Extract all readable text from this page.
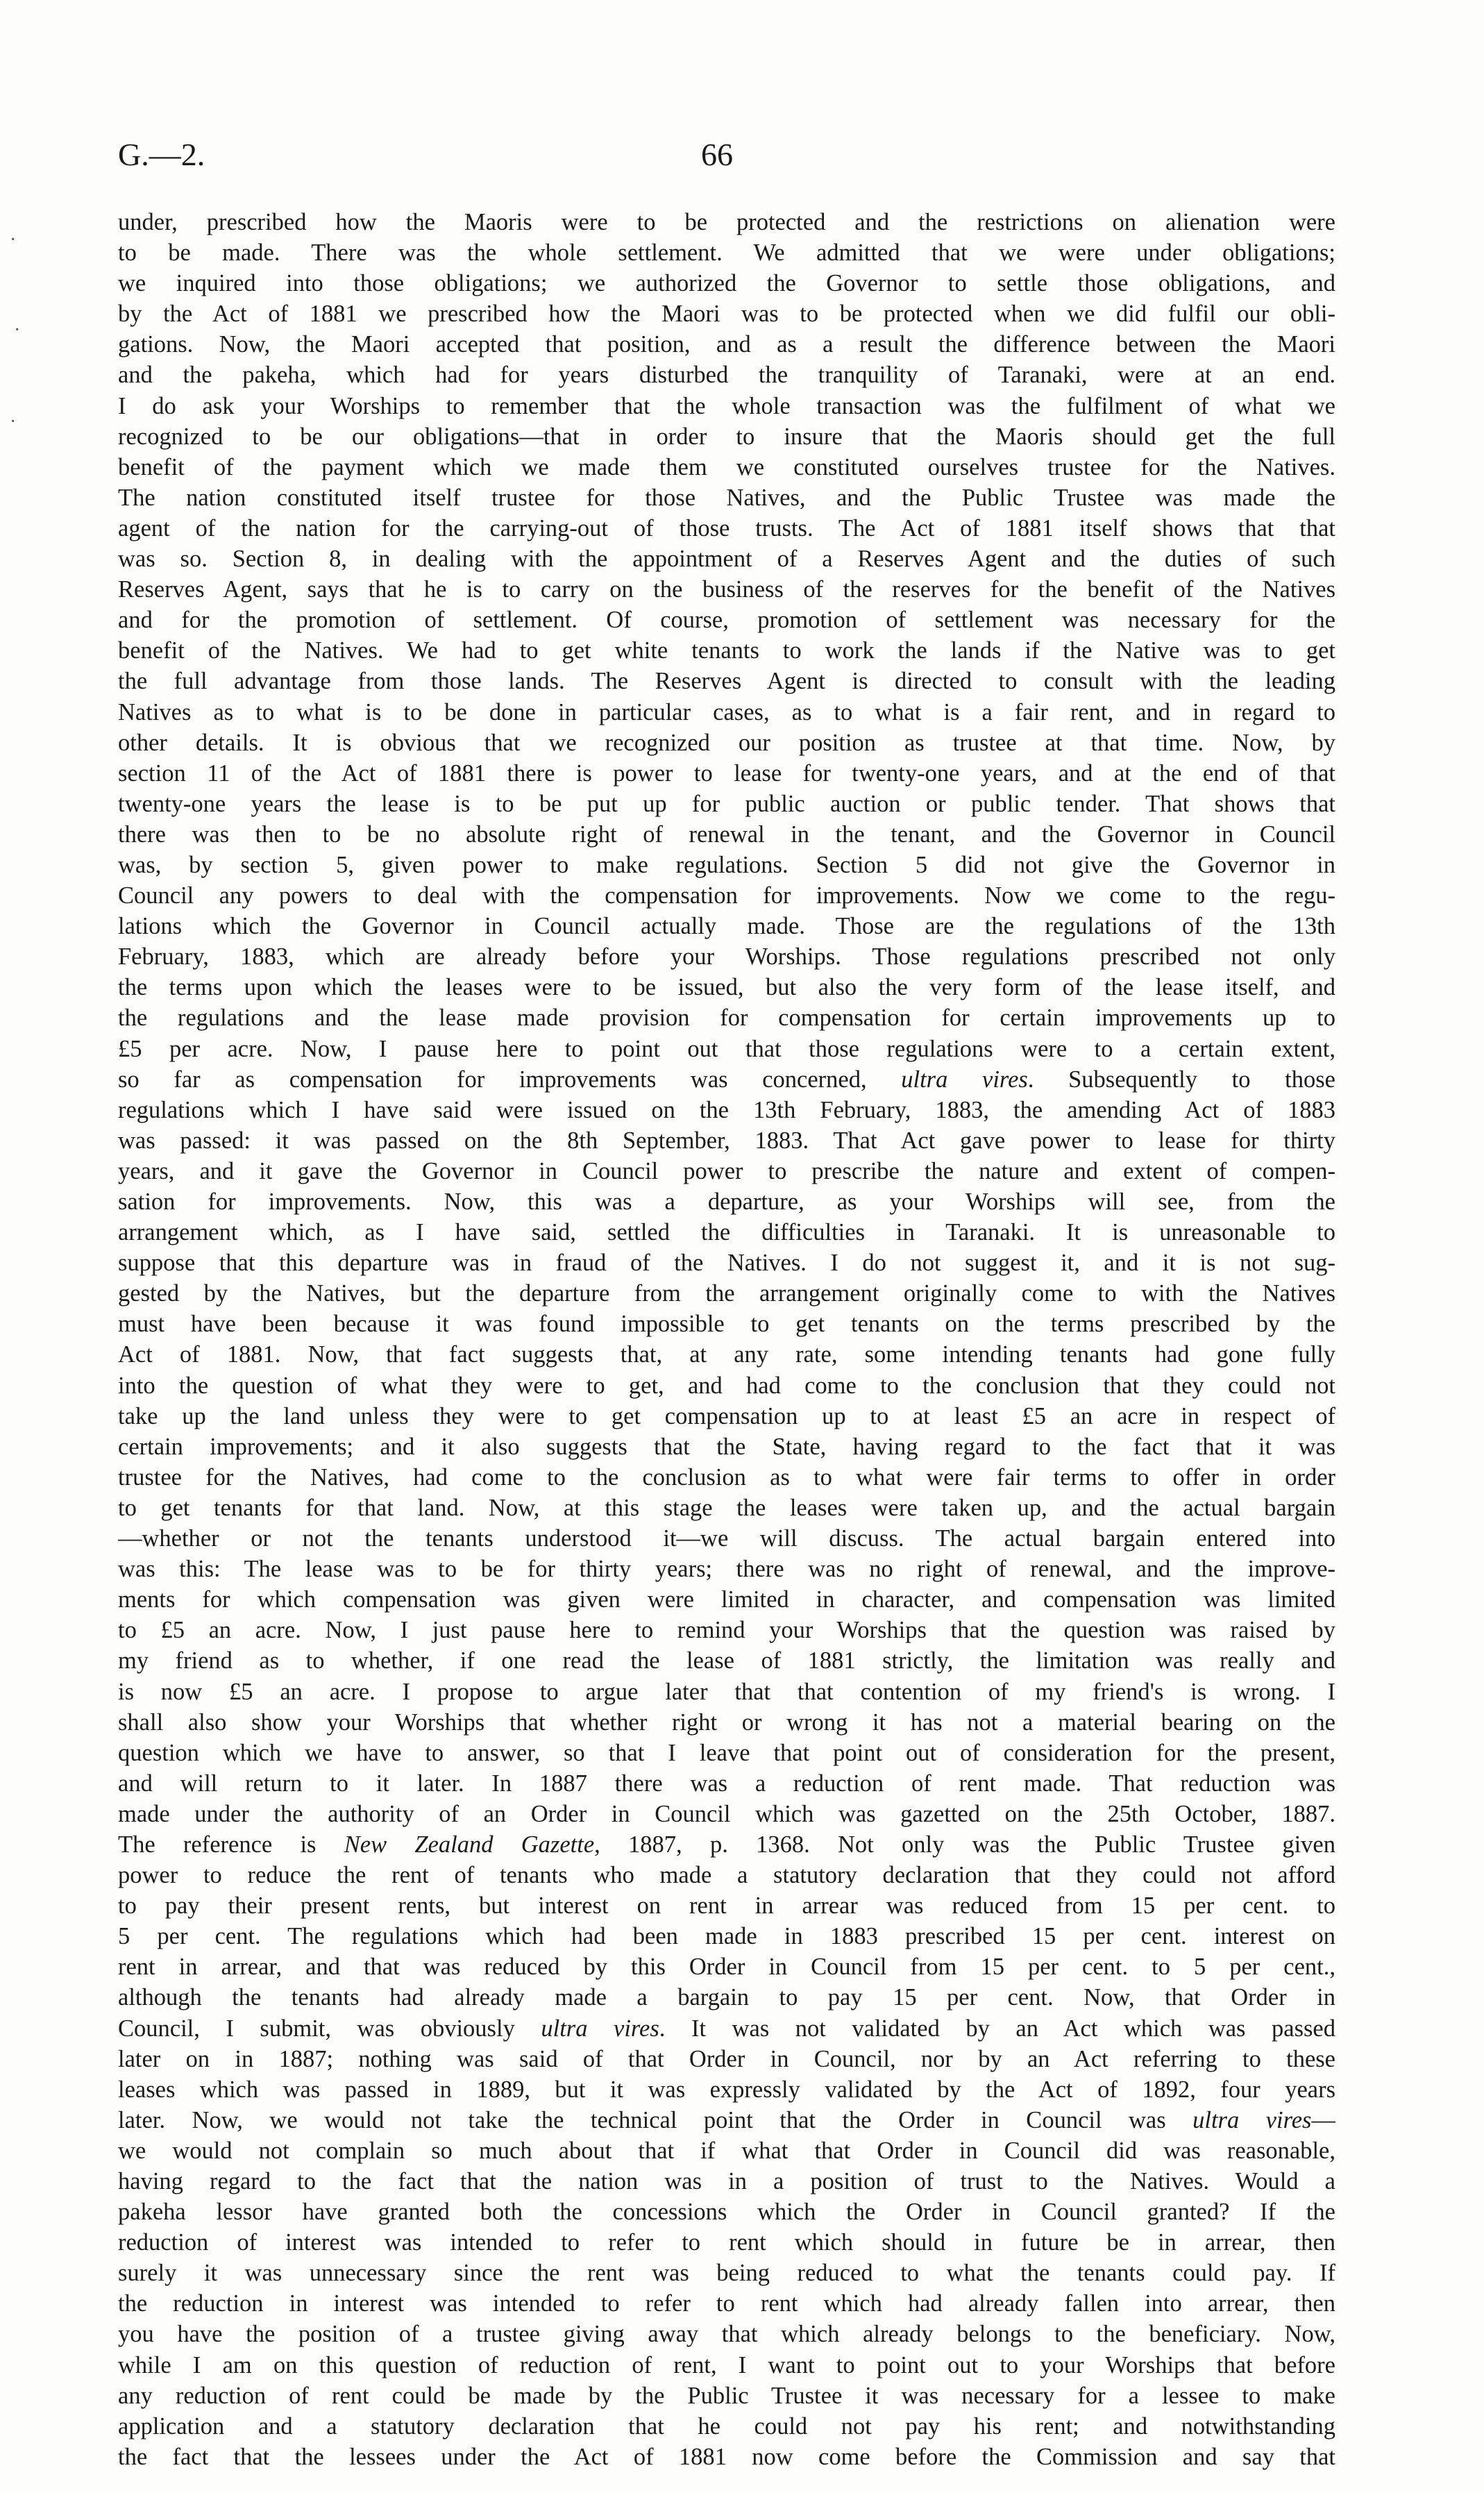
G.—2.	66
under, prescribed how the Maoris were to be protected and the restrictions on alienation were
to be made. There was the whole settlement. We admitted that we were under obligations;
we inquired into those obligations; we authorized the Governor to settle those obligations, and
by the Act of 1881 we prescribed how the Maori was to be protected when we did fulfil our obli-
gations. Now, the Maori accepted that position, and as a result the difference between the Maori
and the pakeha, which had for years disturbed the tranquility of Taranaki, were at an end.
I do ask your Worships to remember that the whole transaction was the fulfilment of what we
recognized to be our obligations—that in order to insure that the Maoris should get the full
benefit of the payment which we made them we constituted ourselves trustee for the Natives.
The nation constituted itself trustee for those Natives, and the Public Trustee was made the
agent of the nation for the carrying-out of those trusts. The Act of 1881 itself shows that that
was so. Section 8, in dealing with the appointment of a Reserves Agent and the duties of such
Reserves Agent, says that he is to carry on the business of the reserves for the benefit of the Natives
and for the promotion of settlement. Of course, promotion of settlement was necessary for the
benefit of the Natives. We had to get white tenants to work the lands if the Native was to get
the full advantage from those lands. The Reserves Agent is directed to consult with the leading
Natives as to what is to be done in particular cases, as to what is a fair rent, and in regard to
other details. It is obvious that we recognized our position as trustee at that time. Now, by
section 11 of the Act of 1881 there is power to lease for twenty-one years, and at the end of that
twenty-one years the lease is to be put up for public auction or public tender. That shows that
there was then to be no absolute right of renewal in the tenant, and the Governor in Council
was, by section 5, given power to make regulations. Section 5 did not give the Governor in
Council any powers to deal with the compensation for improvements. Now we come to the regu-
lations which the Governor in Council actually made. Those are the regulations of the 13th
February, 1883, which are already before your Worships. Those regulations prescribed not only
the terms upon which the leases were to be issued, but also the very form of the lease itself, and
the regulations and the lease made provision for compensation for certain improvements up to
£5 per acre. Now, I pause here to point out that those regulations were to a certain extent,
so far as compensation for improvements was concerned, ultra vires. Subsequently to those
regulations which I have said were issued on the 13th February, 1883, the amending Act of 1883
was passed: it was passed on the 8th September, 1883. That Act gave power to lease for thirty
years, and it gave the Governor in Council power to prescribe the nature and extent of compen-
sation for improvements. Now, this was a departure, as your Worships will see, from the
arrangement which, as I have said, settled the difficulties in Taranaki. It is unreasonable to
suppose that this departure was in fraud of the Natives. I do not suggest it, and it is not sug-
gested by the Natives, but the departure from the arrangement originally come to with the Natives
must have been because it was found impossible to get tenants on the terms prescribed by the
Act of 1881. Now, that fact suggests that, at any rate, some intending tenants had gone fully
into the question of what they were to get, and had come to the conclusion that they could not
take up the land unless they were to get compensation up to at least £5 an acre in respect of
certain improvements; and it also suggests that the State, having regard to the fact that it was
trustee for the Natives, had come to the conclusion as to what were fair terms to offer in order
to get tenants for that land. Now, at this stage the leases were taken up, and the actual bargain
—whether or not the tenants understood it—we will discuss. The actual bargain entered into
was this: The lease was to be for thirty years; there was no right of renewal, and the improve-
ments for which compensation was given were limited in character, and compensation was limited
to £5 an acre. Now, I just pause here to remind your Worships that the question was raised by
my friend as to whether, if one read the lease of 1881 strictly, the limitation was really and
is now £5 an acre. I propose to argue later that that contention of my friend's is wrong. I
shall also show your Worships that whether right or wrong it has not a material bearing on the
question which we have to answer, so that I leave that point out of consideration for the present,
and will return to it later. In 1887 there was a reduction of rent made. That reduction was
made under the authority of an Order in Council which was gazetted on the 25th October, 1887.
The reference is New Zealand Gazette, 1887, p. 1368. Not only was the Public Trustee given
power to reduce the rent of tenants who made a statutory declaration that they could not afford
to pay their present rents, but interest on rent in arrear was reduced from 15 per cent. to
5 per cent. The regulations which had been made in 1883 prescribed 15 per cent. interest on
rent in arrear, and that was reduced by this Order in Council from 15 per cent. to 5 per cent.,
although the tenants had already made a bargain to pay 15 per cent. Now, that Order in
Council, I submit, was obviously ultra vires. It was not validated by an Act which was passed
later on in 1887; nothing was said of that Order in Council, nor by an Act referring to these
leases which was passed in 1889, but it was expressly validated by the Act of 1892, four years
later. Now, we would not take the technical point that the Order in Council was ultra vires—
we would not complain so much about that if what that Order in Council did was reasonable,
having regard to the fact that the nation was in a position of trust to the Natives. Would a
pakeha lessor have granted both the concessions which the Order in Council granted? If the
reduction of interest was intended to refer to rent which should in future be in arrear, then
surely it was unnecessary since the rent was being reduced to what the tenants could pay. If
the reduction in interest was intended to refer to rent which had already fallen into arrear, then
you have the position of a trustee giving away that which already belongs to the beneficiary. Now,
while I am on this question of reduction of rent, I want to point out to your Worships that before
any reduction of rent could be made by the Public Trustee it was necessary for a lessee to make
application and a statutory declaration that he could not pay his rent; and notwithstanding
the fact that the lessees under the Act of 1881 now come before the Commission and say that
·
·
·
